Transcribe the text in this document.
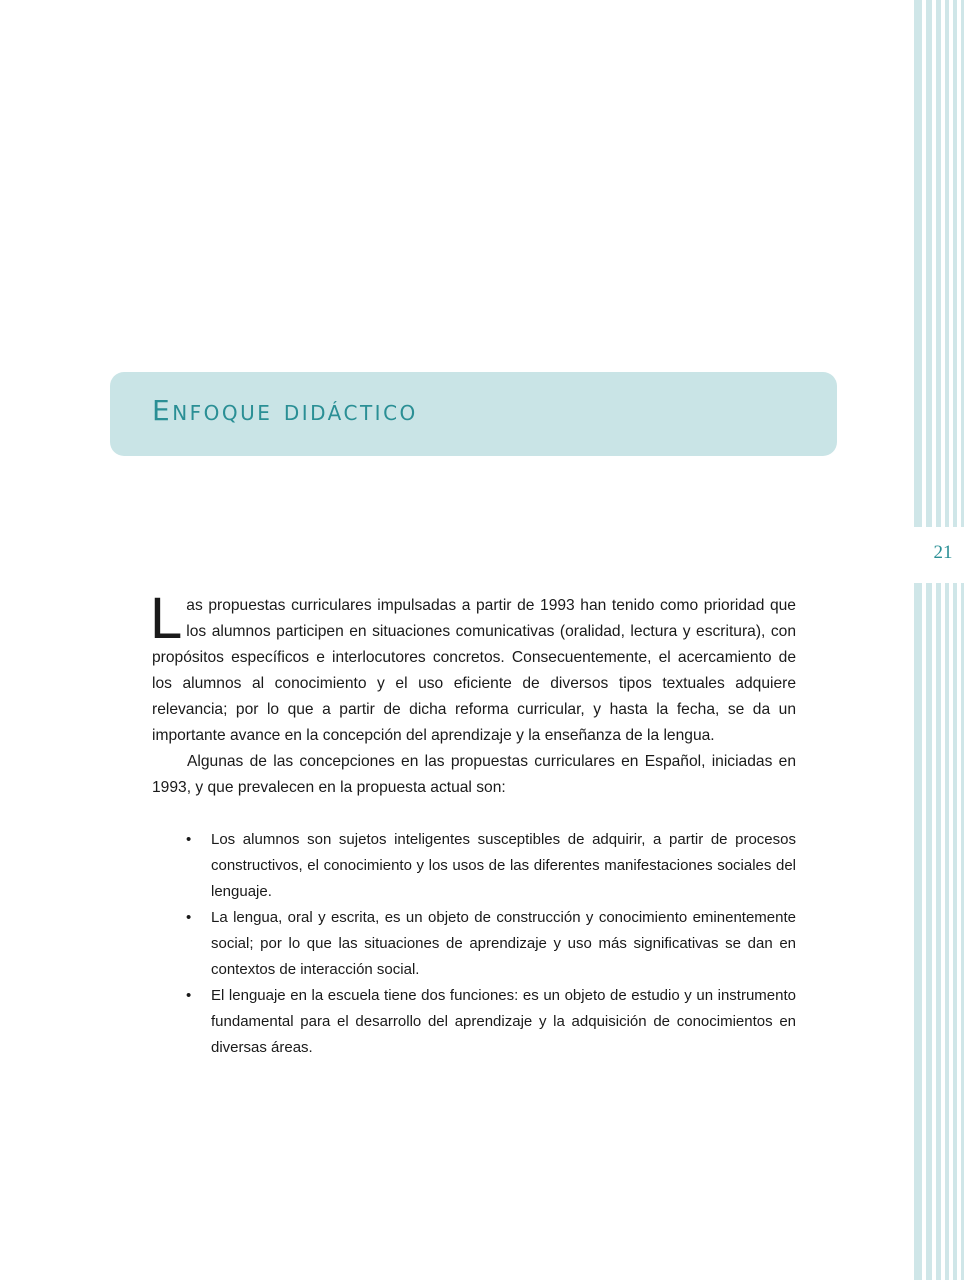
21
Enfoque didáctico

Las propuestas curriculares impulsadas a partir de 1993 han tenido como prioridad que los alumnos participen en situaciones comunicativas (oralidad, lectura y escritura), con propósitos específicos e interlocutores concretos. Consecuentemente, el acercamiento de los alumnos al conocimiento y el uso eficiente de diversos tipos textuales adquiere relevancia; por lo que a partir de dicha reforma curricular, y hasta la fecha, se da un importante avance en la concepción del aprendizaje y la enseñanza de la lengua.

Algunas de las concepciones en las propuestas curriculares en Español, iniciadas en 1993, y que prevalecen en la propuesta actual son:

• Los alumnos son sujetos inteligentes susceptibles de adquirir, a partir de procesos constructivos, el conocimiento y los usos de las diferentes manifestaciones sociales del lenguaje.
• La lengua, oral y escrita, es un objeto de construcción y conocimiento eminentemente social; por lo que las situaciones de aprendizaje y uso más significativas se dan en contextos de interacción social.
• El lenguaje en la escuela tiene dos funciones: es un objeto de estudio y un instrumento fundamental para el desarrollo del aprendizaje y la adquisición de conocimientos en diversas áreas.
